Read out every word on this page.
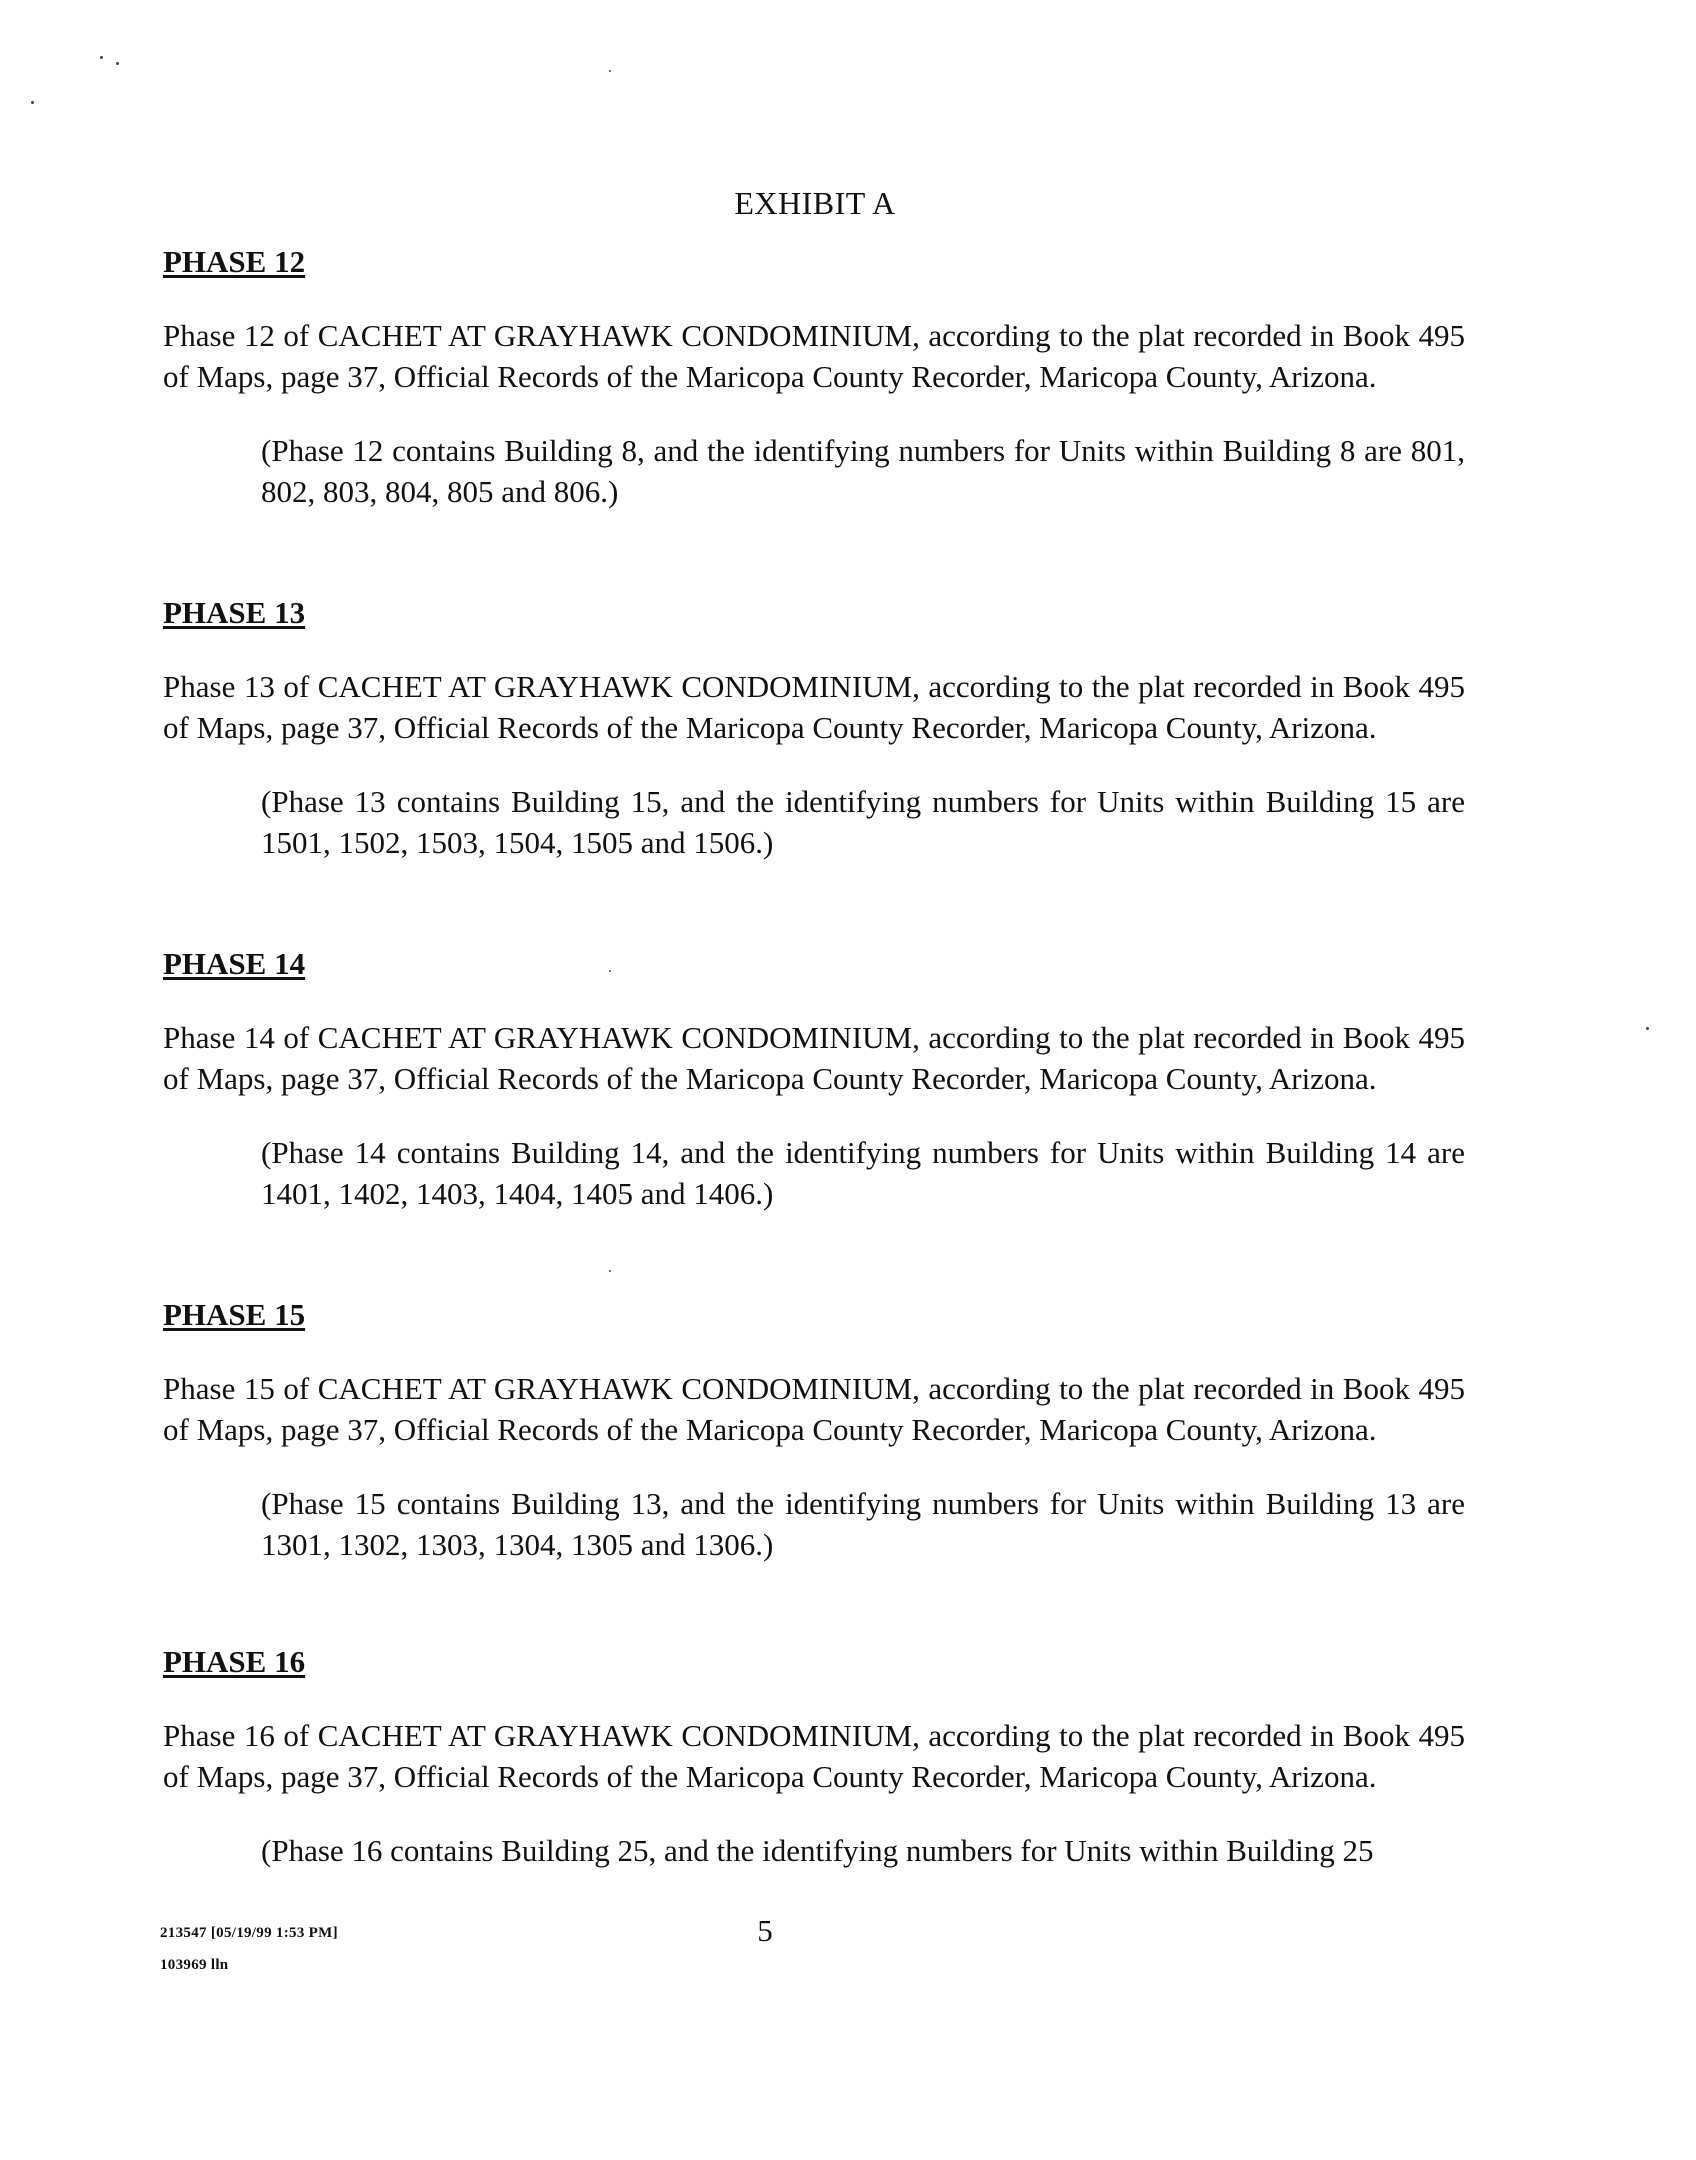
EXHIBIT A
PHASE 12

Phase 12 of CACHET AT GRAYHAWK CONDOMINIUM, according to the plat recorded in Book 495 of Maps, page 37, Official Records of the Maricopa County Recorder, Maricopa County, Arizona.

(Phase 12 contains Building 8, and the identifying numbers for Units within Building 8 are 801, 802, 803, 804, 805 and 806.)

PHASE 13

Phase 13 of CACHET AT GRAYHAWK CONDOMINIUM, according to the plat recorded in Book 495 of Maps, page 37, Official Records of the Maricopa County Recorder, Maricopa County, Arizona.

(Phase 13 contains Building 15, and the identifying numbers for Units within Building 15 are 1501, 1502, 1503, 1504, 1505 and 1506.)

PHASE 14

Phase 14 of CACHET AT GRAYHAWK CONDOMINIUM, according to the plat recorded in Book 495 of Maps, page 37, Official Records of the Maricopa County Recorder, Maricopa County, Arizona.

(Phase 14 contains Building 14, and the identifying numbers for Units within Building 14 are 1401, 1402, 1403, 1404, 1405 and 1406.)

PHASE 15

Phase 15 of CACHET AT GRAYHAWK CONDOMINIUM, according to the plat recorded in Book 495 of Maps, page 37, Official Records of the Maricopa County Recorder, Maricopa County, Arizona.

(Phase 15 contains Building 13, and the identifying numbers for Units within Building 13 are 1301, 1302, 1303, 1304, 1305 and 1306.)

PHASE 16

Phase 16 of CACHET AT GRAYHAWK CONDOMINIUM, according to the plat recorded in Book 495 of Maps, page 37, Official Records of the Maricopa County Recorder, Maricopa County, Arizona.

(Phase 16 contains Building 25, and the identifying numbers for Units within Building 25

213547 [05/19/99 1:53 PM]
103969 lln
5
